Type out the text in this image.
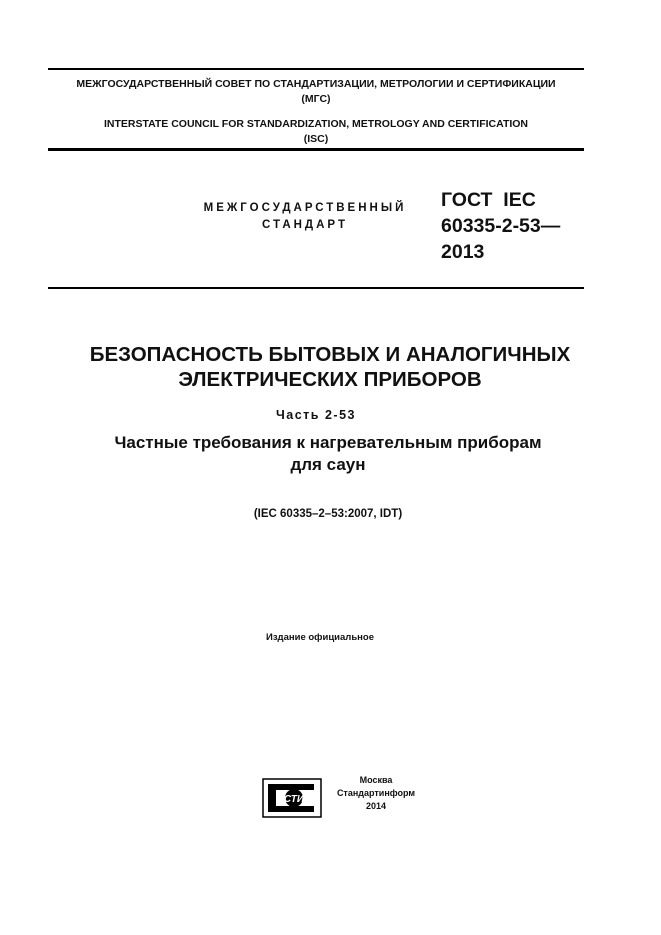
МЕЖГОСУДАРСТВЕННЫЙ СОВЕТ ПО СТАНДАРТИЗАЦИИ, МЕТРОЛОГИИ И СЕРТИФИКАЦИИ
(МГС)
INTERSTATE COUNCIL FOR STANDARDIZATION, METROLOGY AND CERTIFICATION
(ISC)
МЕЖГОСУДАРСТВЕННЫЙ
СТАНДАРТ
ГОСТ  IEC
60335-2-53—
2013
БЕЗОПАСНОСТЬ БЫТОВЫХ И АНАЛОГИЧНЫХ
ЭЛЕКТРИЧЕСКИХ ПРИБОРОВ
Часть 2-53
Частные требования к нагревательным приборам
для саун
(IEC 60335–2–53:2007, IDT)
Издание официальное
СТИ
Москва
Стандартинформ
2014
